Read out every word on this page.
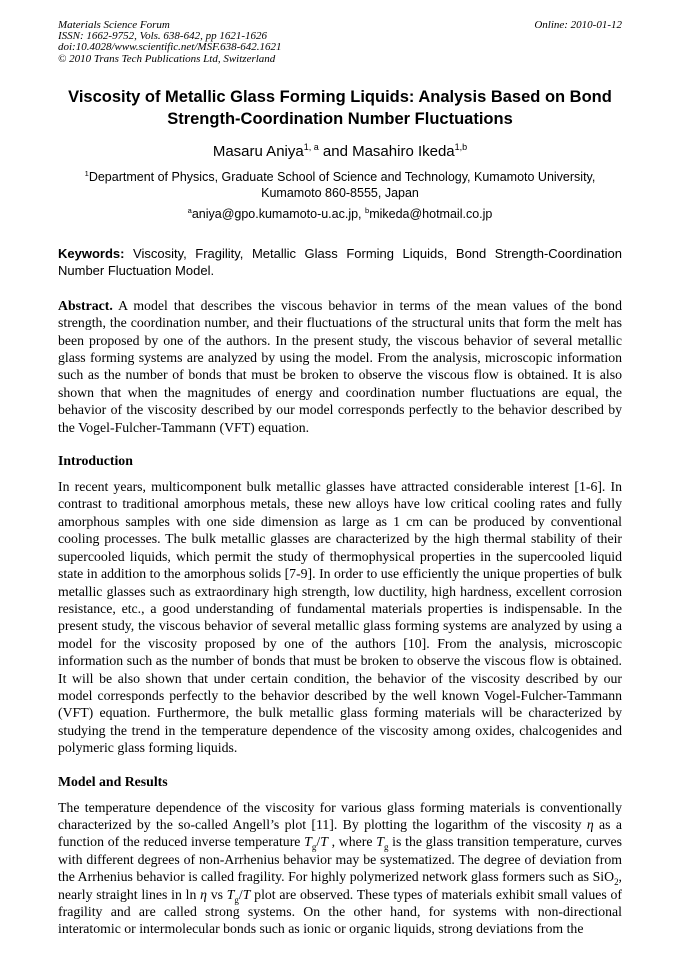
Materials Science Forum
ISSN: 1662-9752, Vols. 638-642, pp 1621-1626
doi:10.4028/www.scientific.net/MSF.638-642.1621
© 2010 Trans Tech Publications Ltd, Switzerland
Online: 2010-01-12
Viscosity of Metallic Glass Forming Liquids: Analysis Based on Bond Strength-Coordination Number Fluctuations
Masaru Aniya$^{1, a}$ and Masahiro Ikeda$^{1,b}$
$^1$Department of Physics, Graduate School of Science and Technology, Kumamoto University, Kumamoto 860-8555, Japan
$^a$aniya@gpo.kumamoto-u.ac.jp, $^b$mikeda@hotmail.co.jp

Keywords: Viscosity, Fragility, Metallic Glass Forming Liquids, Bond Strength-Coordination Number Fluctuation Model.

Abstract. A model that describes the viscous behavior in terms of the mean values of the bond strength, the coordination number, and their fluctuations of the structural units that form the melt has been proposed by one of the authors. In the present study, the viscous behavior of several metallic glass forming systems are analyzed by using the model. From the analysis, microscopic information such as the number of bonds that must be broken to observe the viscous flow is obtained. It is also shown that when the magnitudes of energy and coordination number fluctuations are equal, the behavior of the viscosity described by our model corresponds perfectly to the behavior described by the Vogel-Fulcher-Tammann (VFT) equation.

Introduction

In recent years, multicomponent bulk metallic glasses have attracted considerable interest [1-6]. In contrast to traditional amorphous metals, these new alloys have low critical cooling rates and fully amorphous samples with one side dimension as large as 1 cm can be produced by conventional cooling processes. The bulk metallic glasses are characterized by the high thermal stability of their supercooled liquids, which permit the study of thermophysical properties in the supercooled liquid state in addition to the amorphous solids [7-9]. In order to use efficiently the unique properties of bulk metallic glasses such as extraordinary high strength, low ductility, high hardness, excellent corrosion resistance, etc., a good understanding of fundamental materials properties is indispensable. In the present study, the viscous behavior of several metallic glass forming systems are analyzed by using a model for the viscosity proposed by one of the authors [10]. From the analysis, microscopic information such as the number of bonds that must be broken to observe the viscous flow is obtained. It will be also shown that under certain condition, the behavior of the viscosity described by our model corresponds perfectly to the behavior described by the well known Vogel-Fulcher-Tammann (VFT) equation. Furthermore, the bulk metallic glass forming materials will be characterized by studying the trend in the temperature dependence of the viscosity among oxides, chalcogenides and polymeric glass forming liquids.

Model and Results

The temperature dependence of the viscosity for various glass forming materials is conventionally characterized by the so-called Angell’s plot [11]. By plotting the logarithm of the viscosity η as a function of the reduced inverse temperature $T_g/T$ , where $T_g$ is the glass transition temperature, curves with different degrees of non-Arrhenius behavior may be systematized. The degree of deviation from the Arrhenius behavior is called fragility. For highly polymerized network glass formers such as SiO$_2$, nearly straight lines in ln η vs $T_g/T$ plot are observed. These types of materials exhibit small values of fragility and are called strong systems. On the other hand, for systems with non-directional interatomic or intermolecular bonds such as ionic or organic liquids, strong deviations from the
